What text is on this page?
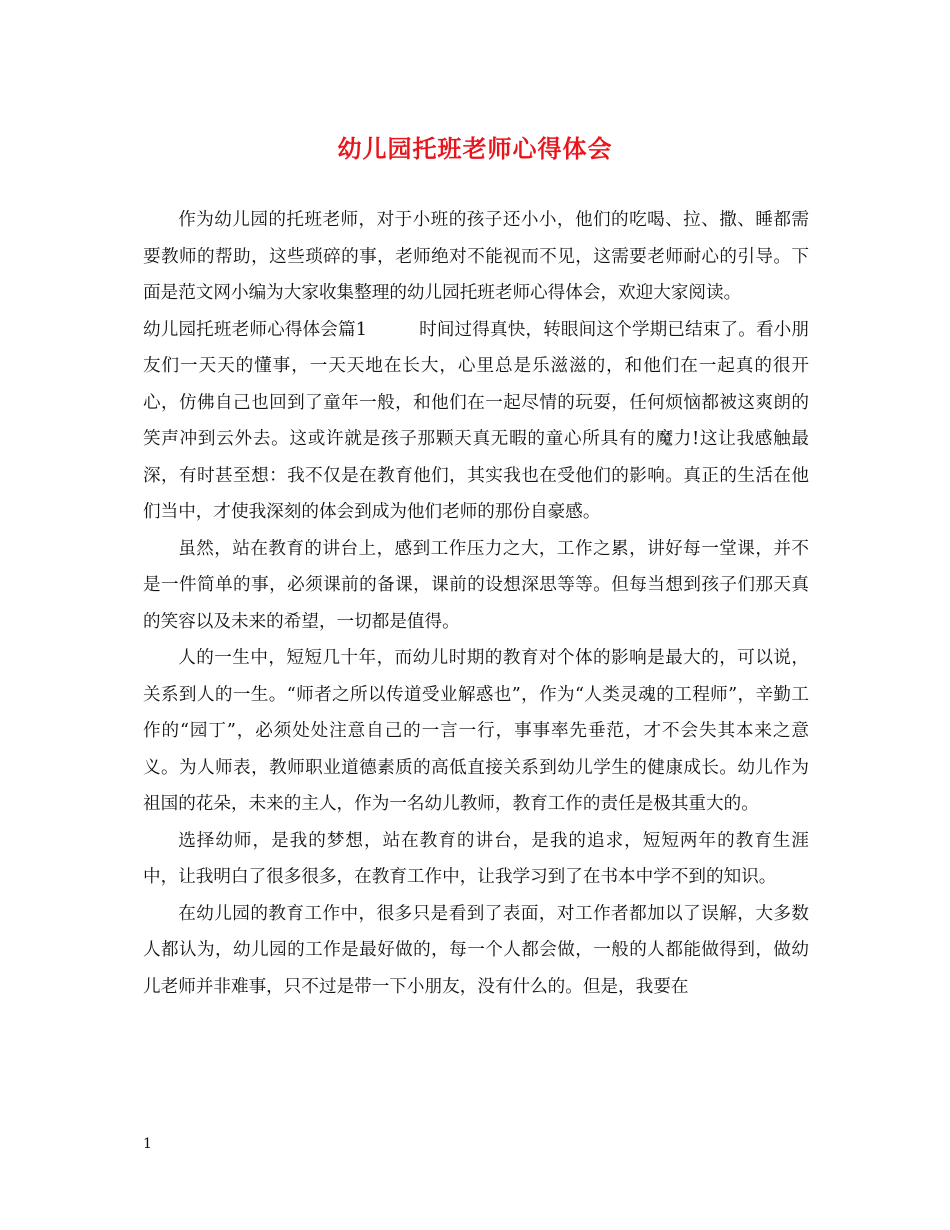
幼儿园托班老师心得体会

作为幼儿园的托班老师，对于小班的孩子还小小，他们的吃喝、拉、撒、睡都需要教师的帮助，这些琐碎的事，老师绝对不能视而不见，这需要老师耐心的引导。下面是范文网小编为大家收集整理的幼儿园托班老师心得体会，欢迎大家阅读。

幼儿园托班老师心得体会篇1	时间过得真快，转眼间这个学期已结束了。看小朋友们一天天的懂事，一天天地在长大，心里总是乐滋滋的，和他们在一起真的很开心，仿佛自己也回到了童年一般，和他们在一起尽情的玩耍，任何烦恼都被这爽朗的笑声冲到云外去。这或许就是孩子那颗天真无暇的童心所具有的魔力!这让我感触最深，有时甚至想：我不仅是在教育他们，其实我也在受他们的影响。真正的生活在他们当中，才使我深刻的体会到成为他们老师的那份自豪感。

虽然，站在教育的讲台上，感到工作压力之大，工作之累，讲好每一堂课，并不是一件简单的事，必须课前的备课，课前的设想深思等等。但每当想到孩子们那天真的笑容以及未来的希望，一切都是值得。

人的一生中，短短几十年，而幼儿时期的教育对个体的影响是最大的，可以说，关系到人的一生。“师者之所以传道受业解惑也”，作为“人类灵魂的工程师”，辛勤工作的“园丁”，必须处处注意自己的一言一行，事事率先垂范，才不会失其本来之意义。为人师表，教师职业道德素质的高低直接关系到幼儿学生的健康成长。幼儿作为祖国的花朵，未来的主人，作为一名幼儿教师，教育工作的责任是极其重大的。

选择幼师，是我的梦想，站在教育的讲台，是我的追求，短短两年的教育生涯中，让我明白了很多很多，在教育工作中，让我学习到了在书本中学不到的知识。

在幼儿园的教育工作中，很多只是看到了表面，对工作者都加以了误解，大多数人都认为，幼儿园的工作是最好做的，每一个人都会做，一般的人都能做得到，做幼儿老师并非难事，只不过是带一下小朋友，没有什么的。但是，我要在

1
